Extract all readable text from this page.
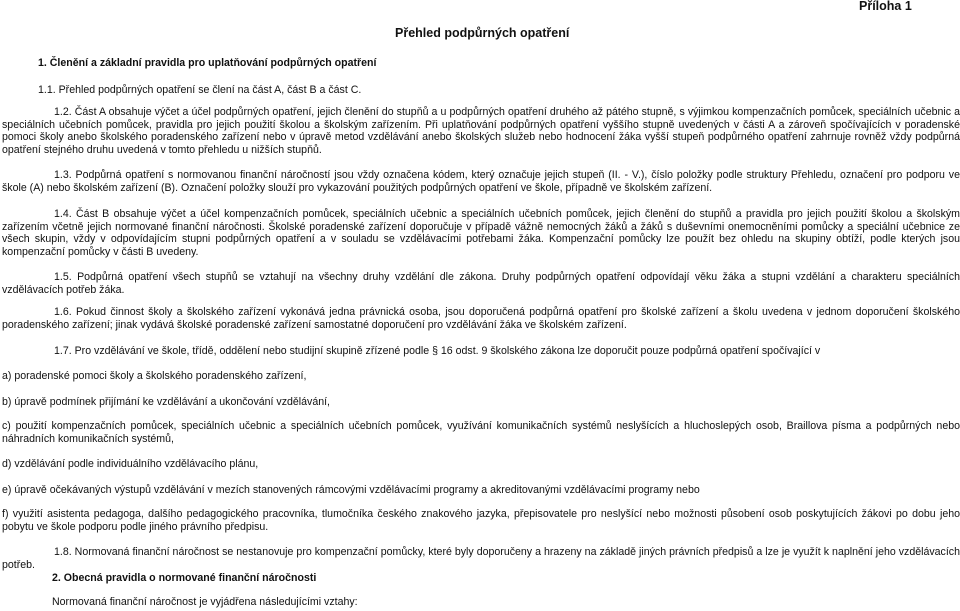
Příloha 1
Přehled podpůrných opatření
1. Členění a základní pravidla pro uplatňování podpůrných opatření

1.1. Přehled podpůrných opatření se člení na část A, část B a část C.

1.2. Část A obsahuje výčet a účel podpůrných opatření, jejich členění do stupňů a u podpůrných opatření druhého až pátého stupně, s výjimkou kompenzačních pomůcek, speciálních učebnic a speciálních učebních pomůcek, pravidla pro jejich použití školou a školským zařízením. Při uplatňování podpůrných opatření vyššího stupně uvedených v části A a zároveň spočívajících v poradenské pomoci školy anebo školského poradenského zařízení nebo v úpravě metod vzdělávání anebo školských služeb nebo hodnocení žáka vyšší stupeň podpůrného opatření zahrnuje rovněž vždy podpůrná opatření stejného druhu uvedená v tomto přehledu u nižších stupňů.

1.3. Podpůrná opatření s normovanou finanční náročností jsou vždy označena kódem, který označuje jejich stupeň (II. - V.), číslo položky podle struktury Přehledu, označení pro podporu ve škole (A) nebo školském zařízení (B). Označení položky slouží pro vykazování použitých podpůrných opatření ve škole, případně ve školském zařízení.

1.4. Část B obsahuje výčet a účel kompenzačních pomůcek, speciálních učebnic a speciálních učebních pomůcek, jejich členění do stupňů a pravidla pro jejich použití školou a školským zařízením včetně jejich normované finanční náročnosti. Školské poradenské zařízení doporučuje v případě vážně nemocných žáků a žáků s duševními onemocněními pomůcky a speciální učebnice ze všech skupin, vždy v odpovídajícím stupni podpůrných opatření a v souladu se vzdělávacími potřebami žáka. Kompenzační pomůcky lze použít bez ohledu na skupiny obtíží, podle kterých jsou kompenzační pomůcky v části B uvedeny.

1.5. Podpůrná opatření všech stupňů se vztahují na všechny druhy vzdělání dle zákona. Druhy podpůrných opatření odpovídají věku žáka a stupni vzdělání a charakteru speciálních vzdělávacích potřeb žáka.

1.6. Pokud činnost školy a školského zařízení vykonává jedna právnická osoba, jsou doporučená podpůrná opatření pro školské zařízení a školu uvedena v jednom doporučení školského poradenského zařízení; jinak vydává školské poradenské zařízení samostatné doporučení pro vzdělávání žáka ve školském zařízení.

1.7. Pro vzdělávání ve škole, třídě, oddělení nebo studijní skupině zřízené podle § 16 odst. 9 školského zákona lze doporučit pouze podpůrná opatření spočívající v

a) poradenské pomoci školy a školského poradenského zařízení,

b) úpravě podmínek přijímání ke vzdělávání a ukončování vzdělávání,

c) použití kompenzačních pomůcek, speciálních učebnic a speciálních učebních pomůcek, využívání komunikačních systémů neslyšících a hluchoslepých osob, Braillova písma a podpůrných nebo náhradních komunikačních systémů,

d) vzdělávání podle individuálního vzdělávacího plánu,

e) úpravě očekávaných výstupů vzdělávání v mezích stanovených rámcovými vzdělávacími programy a akreditovanými vzdělávacími programy nebo

f) využití asistenta pedagoga, dalšího pedagogického pracovníka, tlumočníka českého znakového jazyka, přepisovatele pro neslyšící nebo možnosti působení osob poskytujících žákovi po dobu jeho pobytu ve škole podporu podle jiného právního předpisu.

1.8. Normovaná finanční náročnost se nestanovuje pro kompenzační pomůcky, které byly doporučeny a hrazeny na základě jiných právních předpisů a lze je využít k naplnění jeho vzdělávacích potřeb.

2. Obecná pravidla o normované finanční náročnosti

Normovaná finanční náročnost je vyjádřena následujícími vztahy:
